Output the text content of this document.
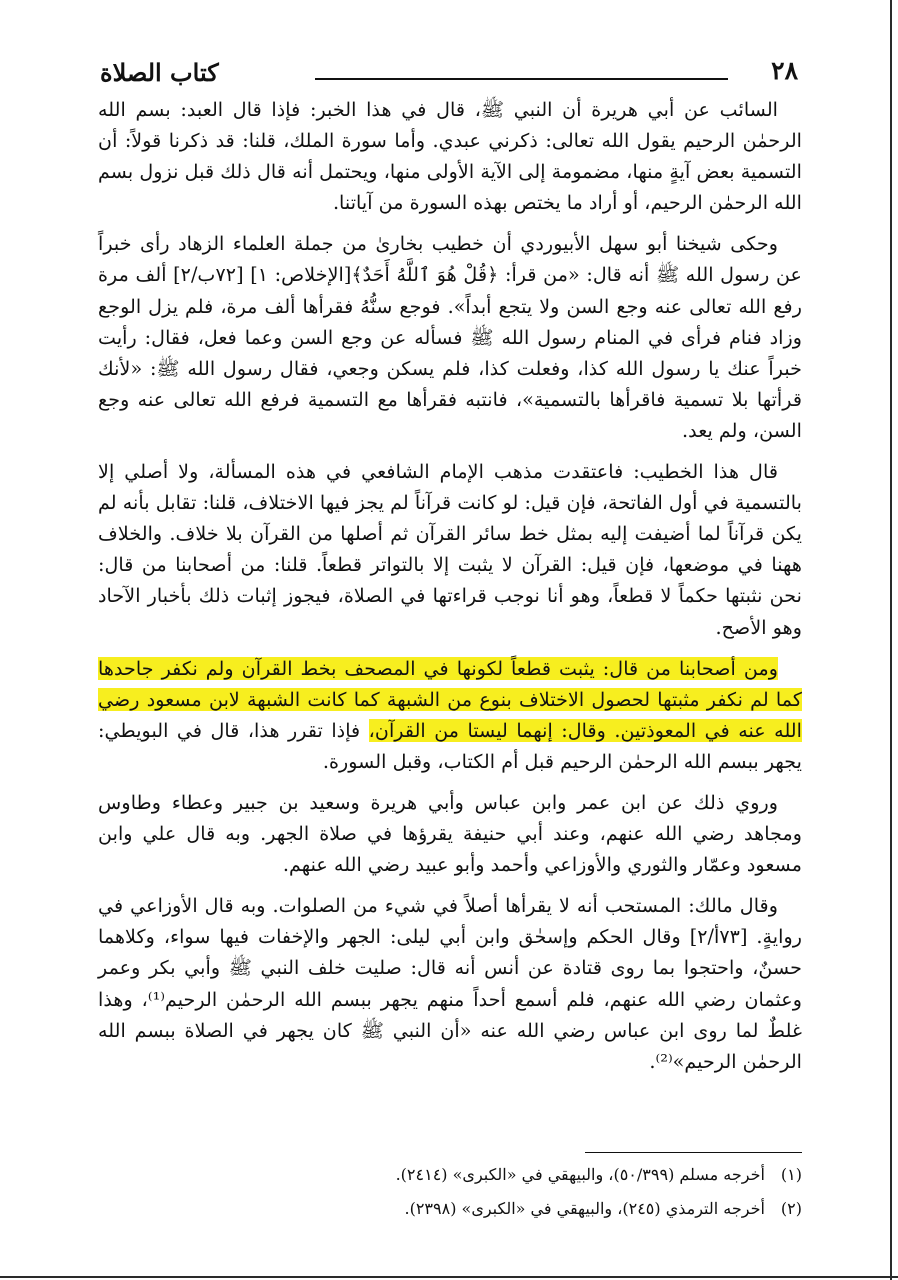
٢٨
كتاب الصلاة

السائب عن أبي هريرة أن النبي ﷺ، قال في هذا الخبر: فإذا قال العبد: بسم الله الرحمٰن الرحيم يقول الله تعالى: ذكرني عبدي. وأما سورة الملك، قلنا: قد ذكرنا قولاً: أن التسمية بعض آيةٍ منها، مضمومة إلى الآية الأولى منها، ويحتمل أنه قال ذلك قبل نزول بسم الله الرحمٰن الرحيم، أو أراد ما يختص بهذه السورة من آياتنا.

وحكى شيخنا أبو سهل الأبيوردي أن خطيب بخارىٰ من جملة العلماء الزهاد رأى خبراً عن رسول الله ﷺ أنه قال: «من قرأ: ﴿قُلْ هُوَ ٱللَّهُ أَحَدٌ﴾[الإخلاص: ١] [٧٢ب/٢] ألف مرة رفع الله تعالى عنه وجع السن ولا يتجع أبداً». فوجع سنُّهُ فقرأها ألف مرة، فلم يزل الوجع وزاد فنام فرأى في المنام رسول الله ﷺ فسأله عن وجع السن وعما فعل، فقال: رأيت خبراً عنك يا رسول الله كذا، وفعلت كذا، فلم يسكن وجعي، فقال رسول الله ﷺ: «لأنك قرأتها بلا تسمية فاقرأها بالتسمية»، فانتبه فقرأها مع التسمية فرفع الله تعالى عنه وجع السن، ولم يعد.

قال هذا الخطيب: فاعتقدت مذهب الإمام الشافعي في هذه المسألة، ولا أصلي إلا بالتسمية في أول الفاتحة، فإن قيل: لو كانت قرآناً لم يجز فيها الاختلاف، قلنا: تقابل بأنه لم يكن قرآناً لما أضيفت إليه بمثل خط سائر القرآن ثم أصلها من القرآن بلا خلاف. والخلاف ههنا في موضعها، فإن قيل: القرآن لا يثبت إلا بالتواتر قطعاً. قلنا: من أصحابنا من قال: نحن نثبتها حكماً لا قطعاً، وهو أنا نوجب قراءتها في الصلاة، فيجوز إثبات ذلك بأخبار الآحاد وهو الأصح.

ومن أصحابنا من قال: يثبت قطعاً لكونها في المصحف بخط القرآن ولم نكفر جاحدها كما لم نكفر مثبتها لحصول الاختلاف بنوع من الشبهة كما كانت الشبهة لابن مسعود رضي الله عنه في المعوذتين. وقال: إنهما ليستا من القرآن، فإذا تقرر هذا، قال في البويطي: يجهر ببسم الله الرحمٰن الرحيم قبل أم الكتاب، وقبل السورة.

وروي ذلك عن ابن عمر وابن عباس وأبي هريرة وسعيد بن جبير وعطاء وطاوس ومجاهد رضي الله عنهم، وعند أبي حنيفة يقرؤها في صلاة الجهر. وبه قال علي وابن مسعود وعمّار والثوري والأوزاعي وأحمد وأبو عبيد رضي الله عنهم.

وقال مالك: المستحب أنه لا يقرأها أصلاً في شيء من الصلوات. وبه قال الأوزاعي في روايةٍ. [٧٣أ/٢] وقال الحكم وإسحٰق وابن أبي ليلى: الجهر والإخفات فيها سواء، وكلاهما حسنٌ، واحتجوا بما روى قتادة عن أنس أنه قال: صليت خلف النبي ﷺ وأبي بكر وعمر وعثمان رضي الله عنهم، فلم أسمع أحداً منهم يجهر ببسم الله الرحمٰن الرحيم⁽¹⁾، وهذا غلطٌ لما روى ابن عباس رضي الله عنه «أن النبي ﷺ كان يجهر في الصلاة ببسم الله الرحمٰن الرحيم»⁽²⁾.

(١) أخرجه مسلم (٥٠/٣٩٩)، والبيهقي في «الكبرى» (٢٤١٤).
(٢) أخرجه الترمذي (٢٤٥)، والبيهقي في «الكبرى» (٢٣٩٨).
